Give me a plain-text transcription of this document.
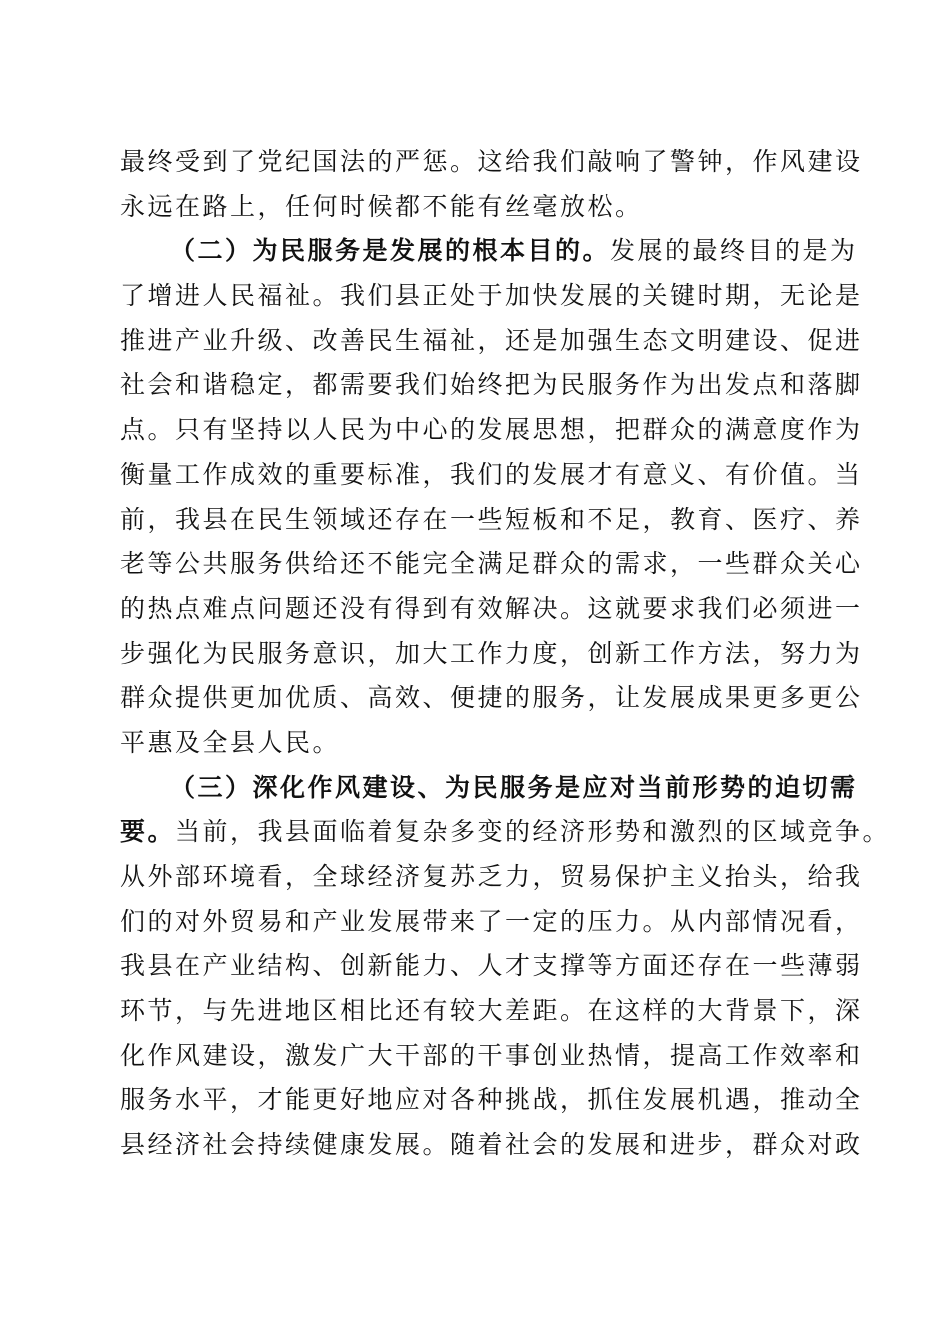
最终受到了党纪国法的严惩。这给我们敲响了警钟，作风建设
永远在路上，任何时候都不能有丝毫放松。
（二）为民服务是发展的根本目的。发展的最终目的是为
了增进人民福祉。我们县正处于加快发展的关键时期，无论是
推进产业升级、改善民生福祉，还是加强生态文明建设、促进
社会和谐稳定，都需要我们始终把为民服务作为出发点和落脚
点。只有坚持以人民为中心的发展思想，把群众的满意度作为
衡量工作成效的重要标准，我们的发展才有意义、有价值。当
前，我县在民生领域还存在一些短板和不足，教育、医疗、养
老等公共服务供给还不能完全满足群众的需求，一些群众关心
的热点难点问题还没有得到有效解决。这就要求我们必须进一
步强化为民服务意识，加大工作力度，创新工作方法，努力为
群众提供更加优质、高效、便捷的服务，让发展成果更多更公
平惠及全县人民。
（三）深化作风建设、为民服务是应对当前形势的迫切需
要。当前，我县面临着复杂多变的经济形势和激烈的区域竞争。
从外部环境看，全球经济复苏乏力，贸易保护主义抬头，给我
们的对外贸易和产业发展带来了一定的压力。从内部情况看，
我县在产业结构、创新能力、人才支撑等方面还存在一些薄弱
环节，与先进地区相比还有较大差距。在这样的大背景下，深
化作风建设，激发广大干部的干事创业热情，提高工作效率和
服务水平，才能更好地应对各种挑战，抓住发展机遇，推动全
县经济社会持续健康发展。随着社会的发展和进步，群众对政
